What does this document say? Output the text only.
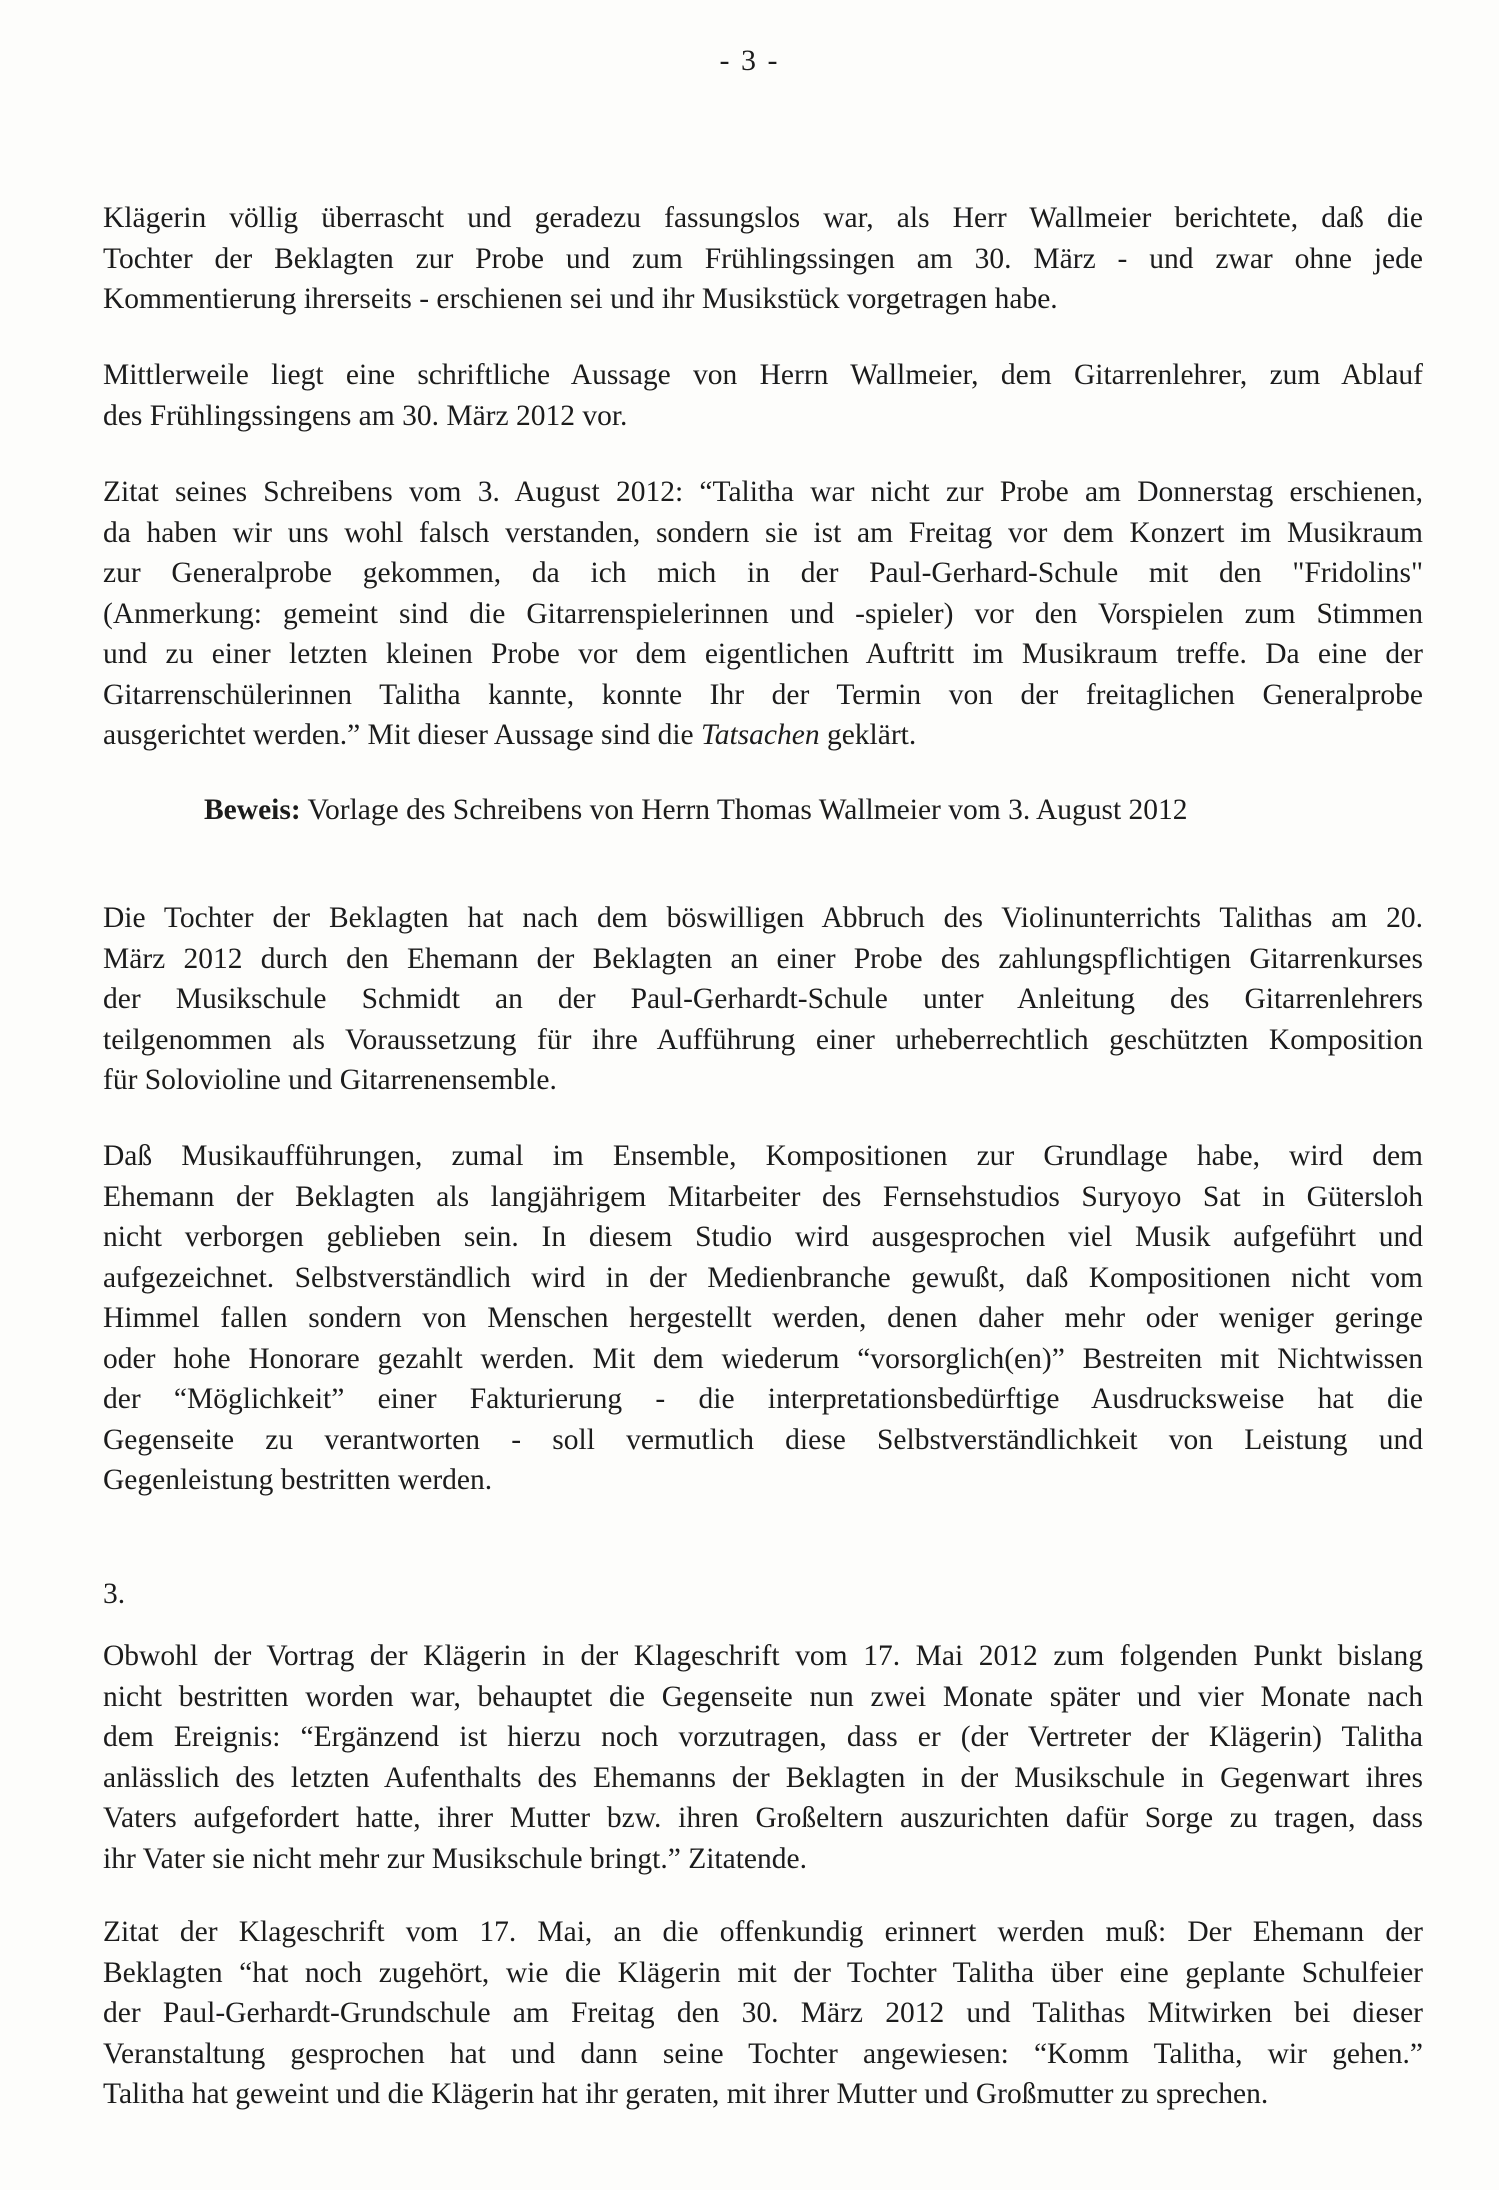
- 3 -
Klägerin völlig überrascht und geradezu fassungslos war, als Herr Wallmeier berichtete, daß die
Tochter der Beklagten zur Probe und zum Frühlingssingen am 30. März - und zwar ohne jede
Kommentierung ihrerseits - erschienen sei und ihr Musikstück vorgetragen habe.
Mittlerweile liegt eine schriftliche Aussage von Herrn Wallmeier, dem Gitarrenlehrer, zum Ablauf
des Frühlingssingens am 30. März 2012 vor.
Zitat seines Schreibens vom 3. August 2012: “Talitha war nicht zur Probe am Donnerstag erschienen,
da haben wir uns wohl falsch verstanden, sondern sie ist am Freitag vor dem Konzert im Musikraum
zur Generalprobe gekommen, da ich mich in der Paul-Gerhard-Schule mit den "Fridolins"
(Anmerkung: gemeint sind die Gitarrenspielerinnen und -spieler) vor den Vorspielen zum Stimmen
und zu einer letzten kleinen Probe vor dem eigentlichen Auftritt im Musikraum treffe. Da eine der
Gitarrenschülerinnen Talitha kannte, konnte Ihr der Termin von der freitaglichen Generalprobe
ausgerichtet werden.” Mit dieser Aussage sind die Tatsachen geklärt.
Beweis: Vorlage des Schreibens von Herrn Thomas Wallmeier vom 3. August 2012
Die Tochter der Beklagten hat nach dem böswilligen Abbruch des Violinunterrichts Talithas am 20.
März 2012 durch den Ehemann der Beklagten an einer Probe des zahlungspflichtigen Gitarrenkurses
der Musikschule Schmidt an der Paul-Gerhardt-Schule unter Anleitung des Gitarrenlehrers
teilgenommen als Voraussetzung für ihre Aufführung einer urheberrechtlich geschützten Komposition
für Solovioline und Gitarrenensemble.
Daß Musikaufführungen, zumal im Ensemble, Kompositionen zur Grundlage habe, wird dem
Ehemann der Beklagten als langjährigem Mitarbeiter des Fernsehstudios Suryoyo Sat in Gütersloh
nicht verborgen geblieben sein. In diesem Studio wird ausgesprochen viel Musik aufgeführt und
aufgezeichnet. Selbstverständlich wird in der Medienbranche gewußt, daß Kompositionen nicht vom
Himmel fallen sondern von Menschen hergestellt werden, denen daher mehr oder weniger geringe
oder hohe Honorare gezahlt werden. Mit dem wiederum “vorsorglich(en)” Bestreiten mit Nichtwissen
der “Möglichkeit” einer Fakturierung - die interpretationsbedürftige Ausdrucksweise hat die
Gegenseite zu verantworten - soll vermutlich diese Selbstverständlichkeit von Leistung und
Gegenleistung bestritten werden.
3.
Obwohl der Vortrag der Klägerin in der Klageschrift vom 17. Mai 2012 zum folgenden Punkt bislang
nicht bestritten worden war, behauptet die Gegenseite nun zwei Monate später und vier Monate nach
dem Ereignis: “Ergänzend ist hierzu noch vorzutragen, dass er (der Vertreter der Klägerin) Talitha
anlässlich des letzten Aufenthalts des Ehemanns der Beklagten in der Musikschule in Gegenwart ihres
Vaters aufgefordert hatte, ihrer Mutter bzw. ihren Großeltern auszurichten dafür Sorge zu tragen, dass
ihr Vater sie nicht mehr zur Musikschule bringt.” Zitatende.
Zitat der Klageschrift vom 17. Mai, an die offenkundig erinnert werden muß: Der Ehemann der
Beklagten “hat noch zugehört, wie die Klägerin mit der Tochter Talitha über eine geplante Schulfeier
der Paul-Gerhardt-Grundschule am Freitag den 30. März 2012 und Talithas Mitwirken bei dieser
Veranstaltung gesprochen hat und dann seine Tochter angewiesen: “Komm Talitha, wir gehen.”
Talitha hat geweint und die Klägerin hat ihr geraten, mit ihrer Mutter und Großmutter zu sprechen.
